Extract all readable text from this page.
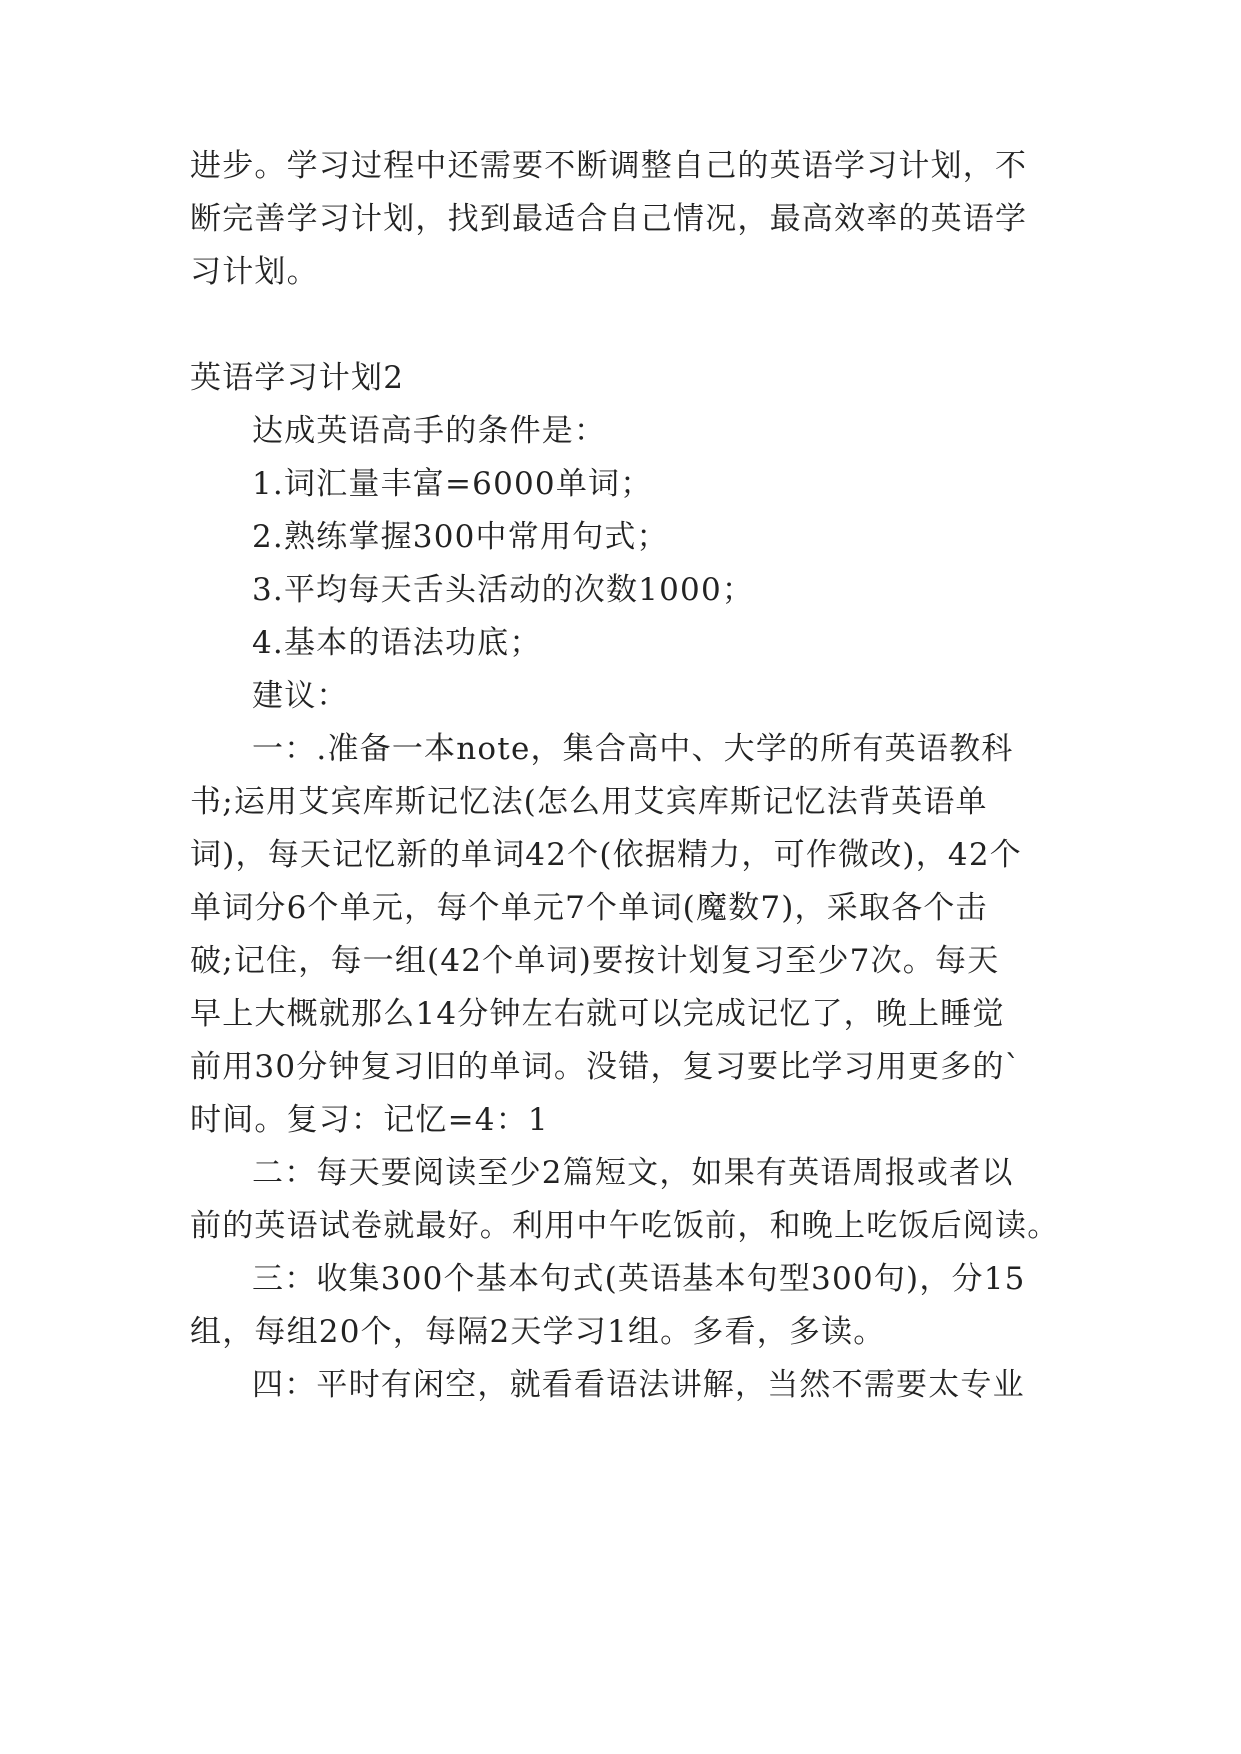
进步。学习过程中还需要不断调整自己的英语学习计划，不
断完善学习计划，找到最适合自己情况，最高效率的英语学
习计划。
英语学习计划2
达成英语高手的条件是：
1.词汇量丰富=6000单词；
2.熟练掌握300中常用句式；
3.平均每天舌头活动的次数1000；
4.基本的语法功底；
建议：
一：.准备一本note，集合高中、大学的所有英语教科
书;运用艾宾库斯记忆法(怎么用艾宾库斯记忆法背英语单
词)，每天记忆新的单词42个(依据精力，可作微改)，42个
单词分6个单元，每个单元7个单词(魔数7)，采取各个击
破;记住，每一组(42个单词)要按计划复习至少7次。每天
早上大概就那么14分钟左右就可以完成记忆了，晚上睡觉
前用30分钟复习旧的单词。没错，复习要比学习用更多的`
时间。复习：记忆=4：1
二：每天要阅读至少2篇短文，如果有英语周报或者以
前的英语试卷就最好。利用中午吃饭前，和晚上吃饭后阅读。
三：收集300个基本句式(英语基本句型300句)，分15
组，每组20个，每隔2天学习1组。多看，多读。
四：平时有闲空，就看看语法讲解，当然不需要太专业
